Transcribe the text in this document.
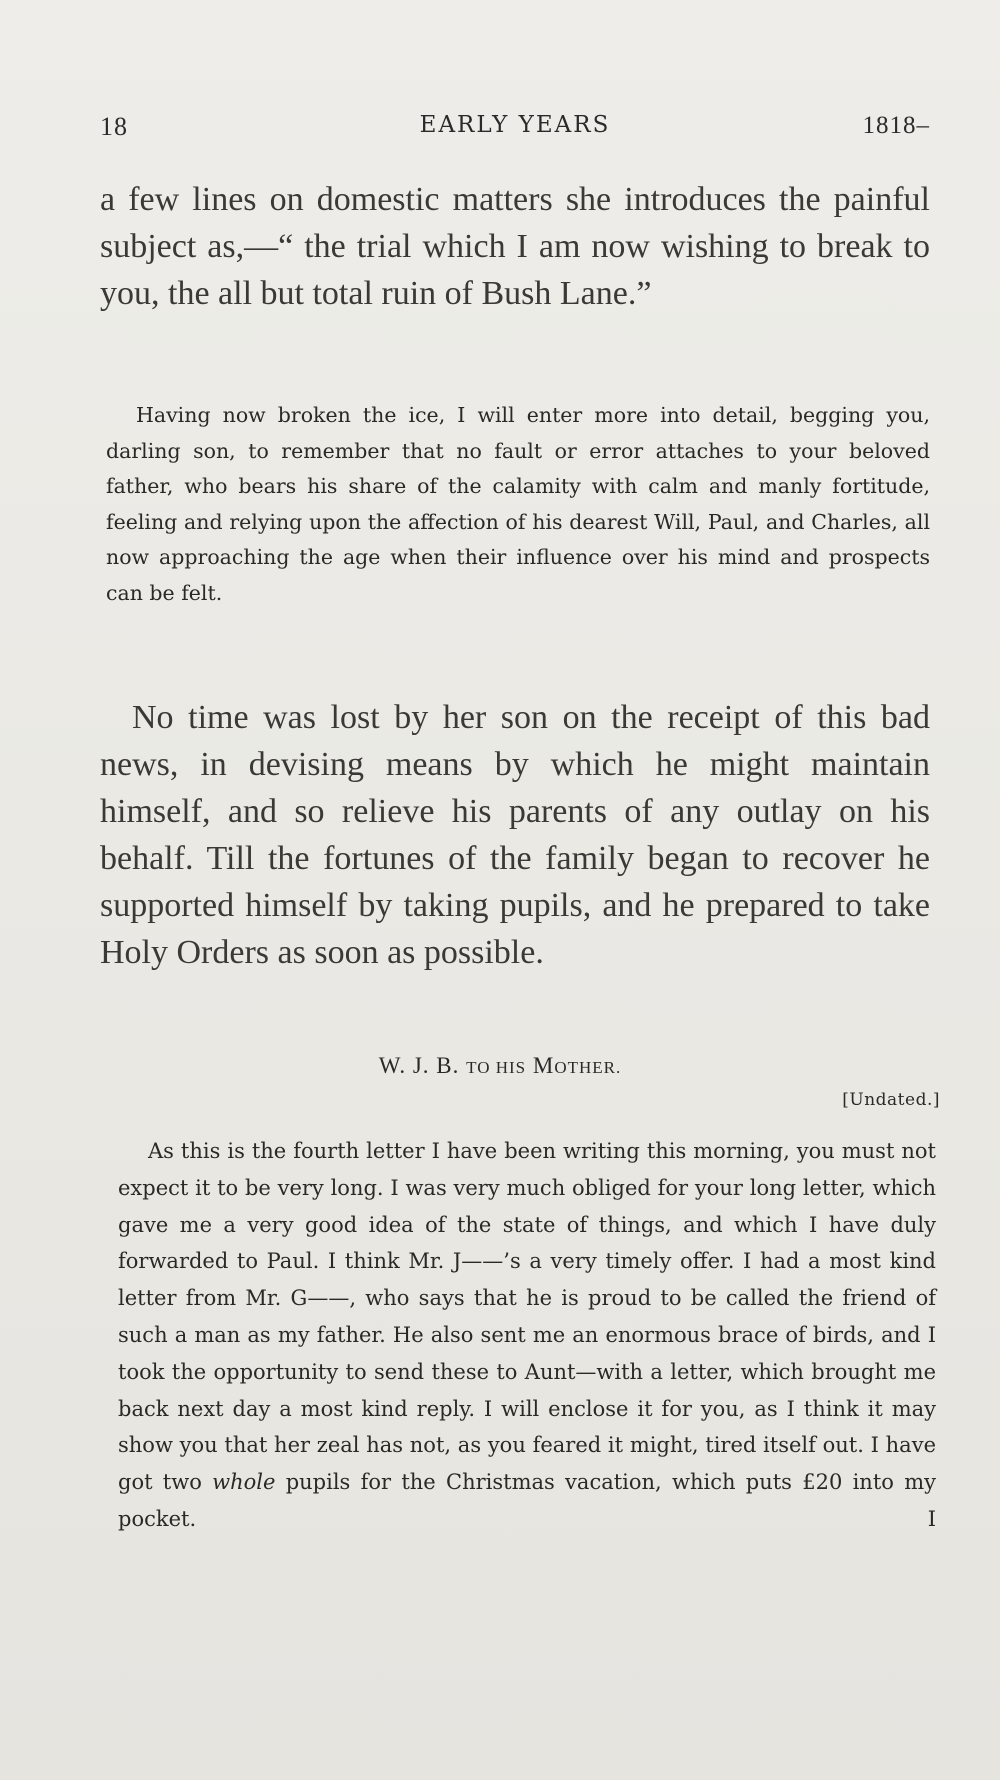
18	EARLY YEARS	1818–

a few lines on domestic matters she introduces the painful subject as,—“ the trial which I am now wishing to break to you, the all but total ruin of Bush Lane.”

Having now broken the ice, I will enter more into detail, begging you, darling son, to remember that no fault or error attaches to your beloved father, who bears his share of the calamity with calm and manly fortitude, feeling and relying upon the affection of his dearest Will, Paul, and Charles, all now approaching the age when their influence over his mind and prospects can be felt.

No time was lost by her son on the receipt of this bad news, in devising means by which he might maintain himself, and so relieve his parents of any outlay on his behalf. Till the fortunes of the family began to recover he supported himself by taking pupils, and he prepared to take Holy Orders as soon as possible.

W. J. B. TO HIS MOTHER.
[Undated.]

As this is the fourth letter I have been writing this morning, you must not expect it to be very long. I was very much obliged for your long letter, which gave me a very good idea of the state of things, and which I have duly forwarded to Paul. I think Mr. J——’s a very timely offer. I had a most kind letter from Mr. G——, who says that he is proud to be called the friend of such a man as my father. He also sent me an enormous brace of birds, and I took the opportunity to send these to Aunt—with a letter, which brought me back next day a most kind reply. I will enclose it for you, as I think it may show you that her zeal has not, as you feared it might, tired itself out. I have got two whole pupils for the Christmas vacation, which puts £20 into my pocket. I
